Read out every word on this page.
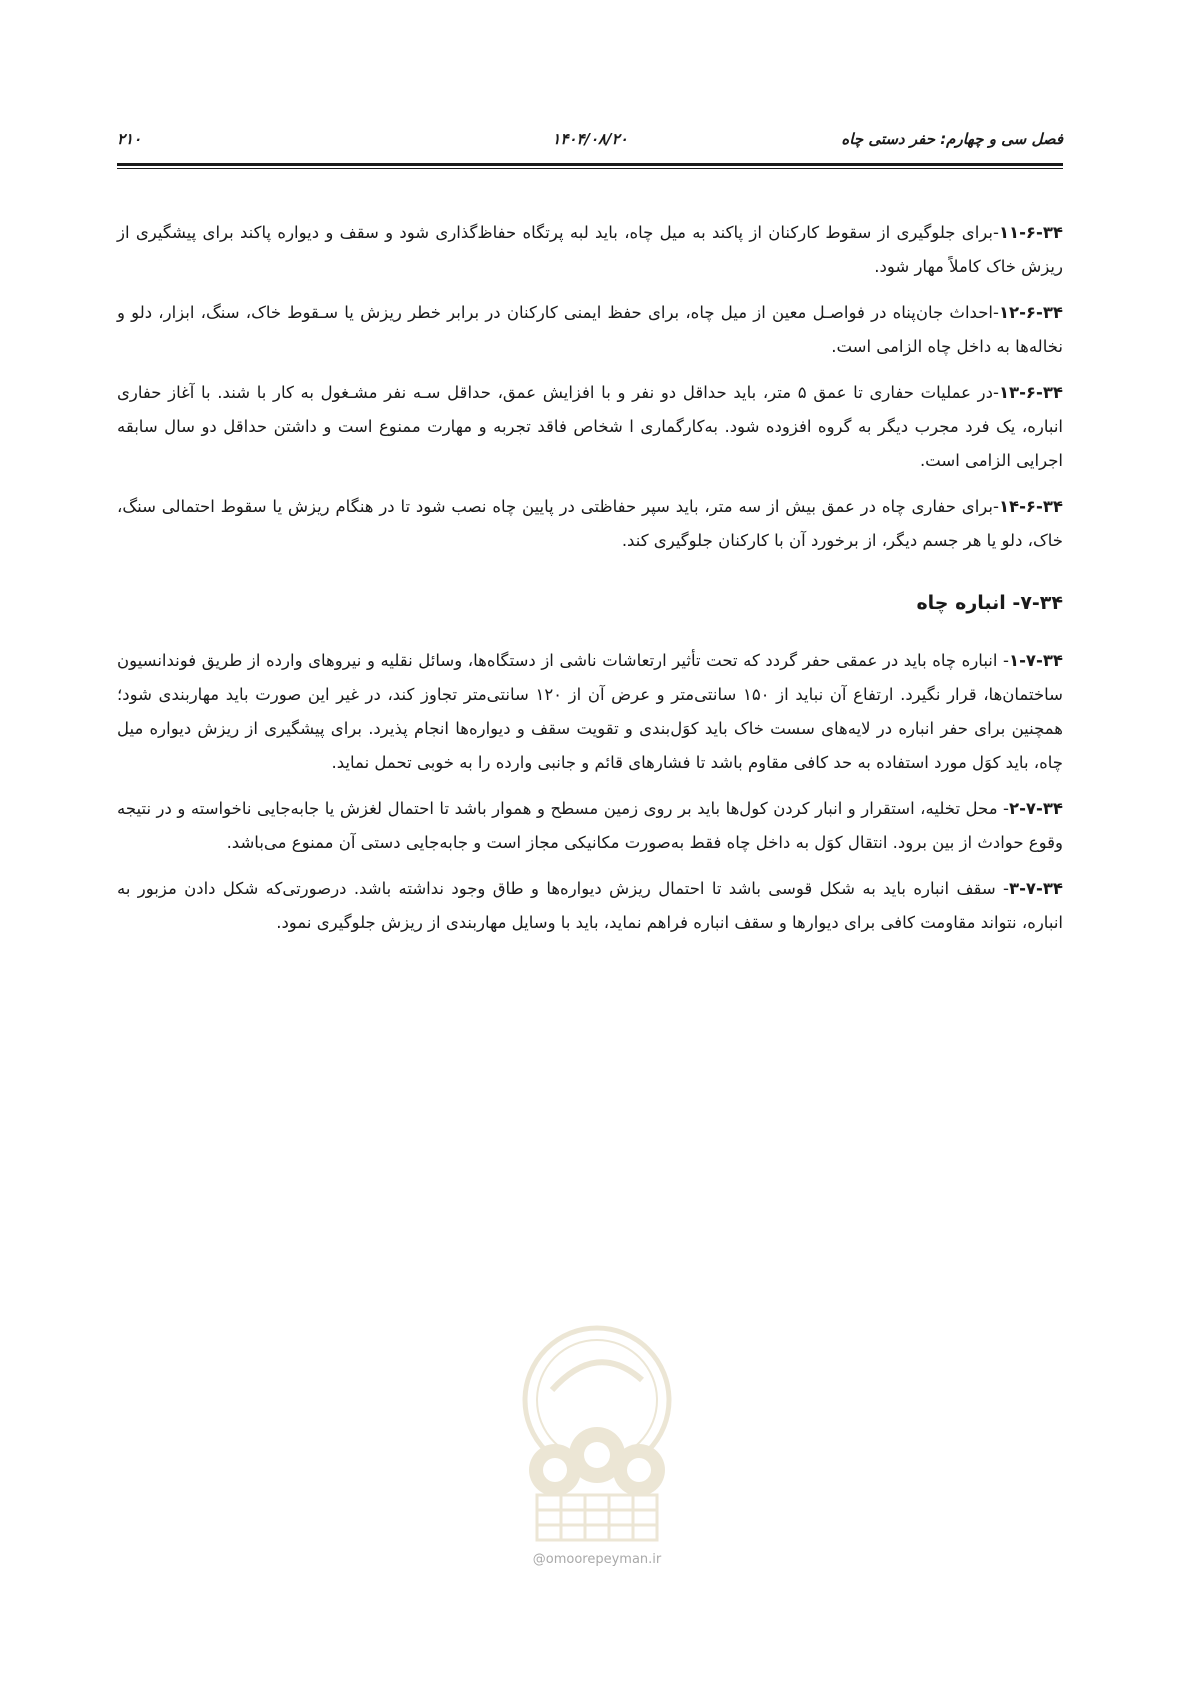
فصل سی و چهارم: حفر دستی چاه
۱۴۰۴/۰۸/۲۰
۲۱۰

۱۱-۶-۳۴-برای جلوگیری از سقوط کارکنان از پاکند به میل چاه، باید لبه پرتگاه حفاظ‌گذاری شود و سقف و دیواره پاکند برای پیشگیری از ریزش خاک کاملاً مهار شود.

۱۲-۶-۳۴-احداث جان‌پناه در فواصـل معین از میل چاه، برای حفظ ایمنی کارکنان در برابر خطر ریزش یا سـقوط خاک، سنگ، ابزار، دلو و نخاله‌ها به داخل چاه الزامی است.

۱۳-۶-۳۴-در عملیات حفاری تا عمق ۵ متر، باید حداقل دو نفر و با افزایش عمق، حداقل سـه نفر مشـغول به کار با شند. با آغاز حفاری انباره، یک فرد مجرب دیگر به گروه افزوده شود. به‌کارگماری ا شخاص فاقد تجربه و مهارت ممنوع است و داشتن حداقل دو سال سابقه اجرایی الزامی است.

۱۴-۶-۳۴-برای حفاری چاه در عمق بیش از سه متر، باید سپر حفاظتی در پایین چاه نصب شود تا در هنگام ریزش یا سقوط احتمالی سنگ، خاک، دلو یا هر جسم دیگر، از برخورد آن با کارکنان جلوگیری کند.

۷-۳۴- انباره چاه

۱-۷-۳۴- انباره چاه باید در عمقی حفر گردد که تحت تأثیر ارتعاشات ناشی از دستگاه‌ها، وسائل نقلیه و نیروهای وارده از طریق فوندانسیون ساختمان‌ها، قرار نگیرد. ارتفاع آن نباید از ۱۵۰ سانتی‌متر و عرض آن از ۱۲۰ سانتی‌متر تجاوز کند، در غیر این صورت باید مهاربندی شود؛ همچنین برای حفر انباره در لایه‌های سست خاک باید کوَل‌بندی و تقویت سقف و دیواره‌ها انجام پذیرد. برای پیشگیری از ریزش دیواره میل چاه، باید کوَل مورد استفاده به حد کافی مقاوم باشد تا فشارهای قائم و جانبی وارده را به خوبی تحمل نماید.

۲-۷-۳۴- محل تخلیه، استقرار و انبار کردن کول‌ها باید بر روی زمین مسطح و هموار باشد تا احتمال لغزش یا جابه‌جایی ناخواسته و در نتیجه وقوع حوادث از بین برود. انتقال کوَل به داخل چاه فقط به‌صورت مکانیکی مجاز است و جابه‌جایی دستی آن ممنوع می‌باشد.

۳-۷-۳۴- سقف انباره باید به شکل قوسی باشد تا احتمال ریزش دیواره‌ها و طاق وجود نداشته باشد. درصورتی‌که شکل دادن مزبور به انباره، نتواند مقاومت کافی برای دیوارها و سقف انباره فراهم نماید، باید با وسایل مهاربندی از ریزش جلوگیری نمود.

@omoorepeyman.ir
